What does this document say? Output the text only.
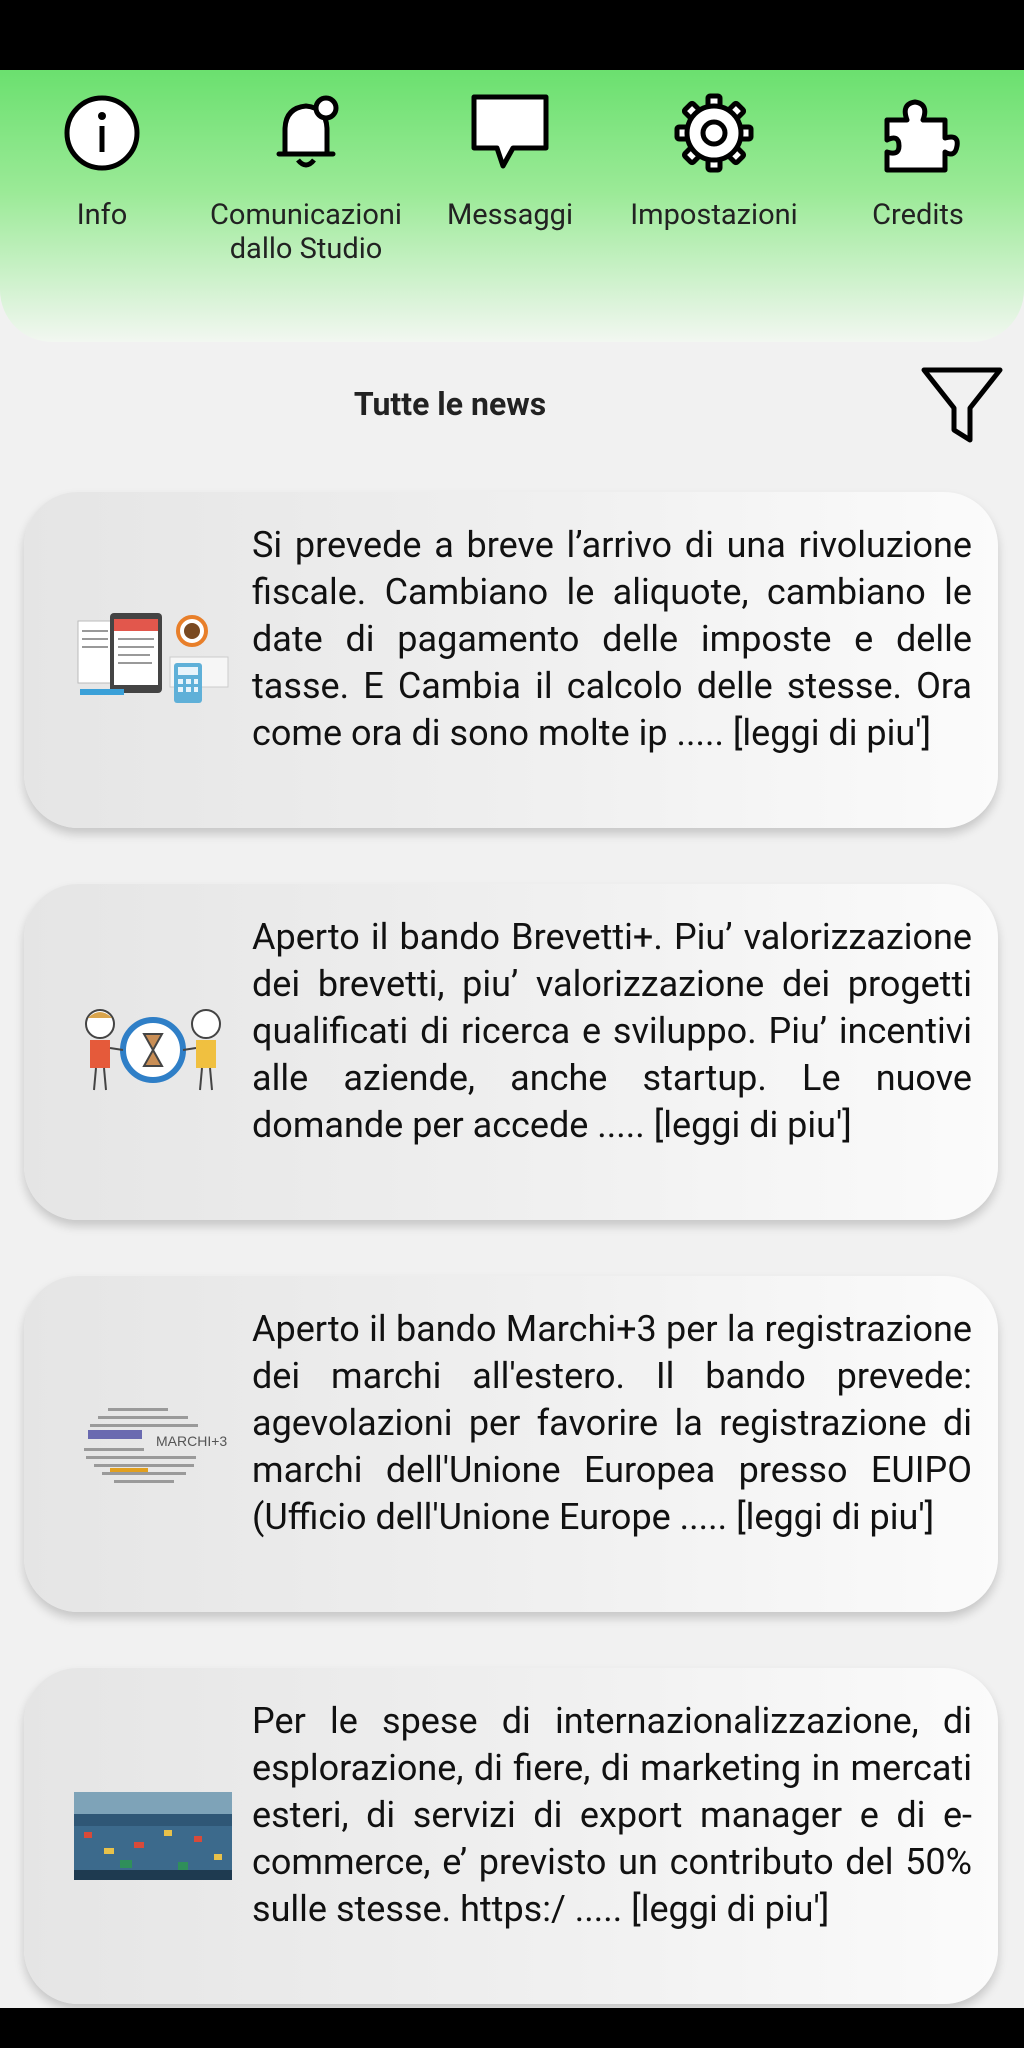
Info	Comunicazioni
dallo Studio
Messaggi	Impostazioni	Credits
Tutte le news
Si prevede a breve l’arrivo di una rivoluzione fiscale. Cambiano le aliquote, cambiano le date di pagamento delle imposte e delle tasse. E Cambia il calcolo delle stesse. Ora come ora di sono molte ip ..... [leggi di piu']
Aperto il bando Brevetti+. Piu’ valorizzazione dei brevetti, piu’ valorizzazione dei progetti qualificati di ricerca e sviluppo. Piu’ incentivi alle aziende, anche startup. Le nuove domande per accede ..... [leggi di piu']
MARCHI+3
Aperto il bando Marchi+3 per la registrazione dei marchi all'estero. Il bando prevede: agevolazioni per favorire la registrazione di marchi dell'Unione Europea presso EUIPO (Ufficio dell'Unione Europe ..... [leggi di piu']
Per le spese di internazionalizzazione, di esplorazione, di fiere, di marketing in mercati esteri, di servizi di export manager e di e-commerce, e’ previsto un contributo del 50% sulle stesse. https:/ ..... [leggi di piu']
